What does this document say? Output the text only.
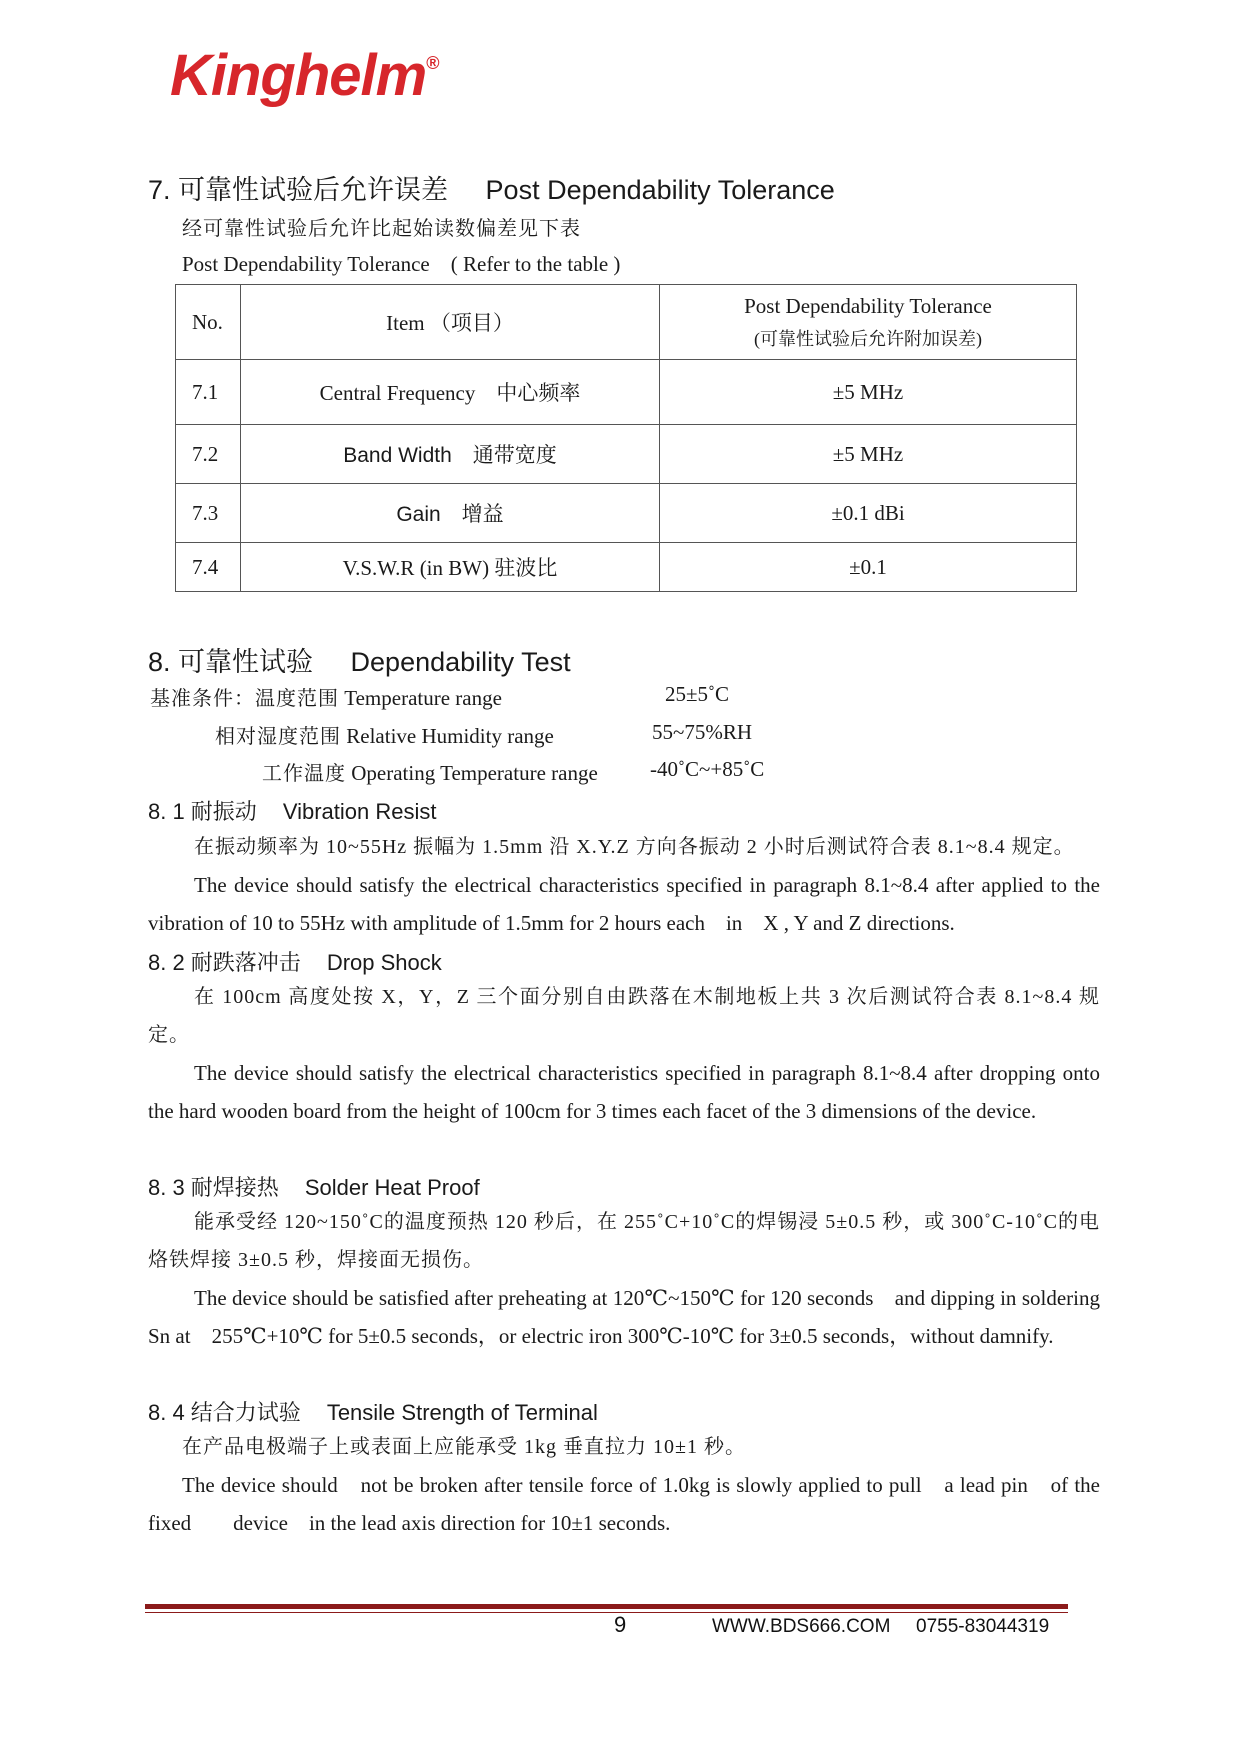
Kinghelm®
7. 可靠性试验后允许误差 Post Dependability Tolerance
经可靠性试验后允许比起始读数偏差见下表
Post Dependability Tolerance　( Refer to the table )
No.	Item （项目）	Post Dependability Tolerance
(可靠性试验后允许附加误差)

7.1	Central Frequency　中心频率	±5 MHz
7.2	Band Width　通带宽度	±5 MHz
7.3	Gain　增益	±0.1 dBi
7.4	V.S.W.R (in BW) 驻波比	±0.1
8. 可靠性试验 Dependability Test
基准条件：温度范围 Temperature range	25±5˚C
相对湿度范围 Relative Humidity range	55~75%RH
工作温度 Operating Temperature range -40˚C~+85˚C
8. 1 耐振动 Vibration Resist
在振动频率为 10~55Hz 振幅为 1.5mm 沿 X.Y.Z 方向各振动 2 小时后测试符合表 8.1~8.4 规定。
The device should satisfy the electrical characteristics specified in paragraph 8.1~8.4 after applied to the vibration of 10 to 55Hz with amplitude of 1.5mm for 2 hours each　in　X , Y and Z directions.
8. 2 耐跌落冲击 Drop Shock
在 100cm 高度处按 X，Y，Z 三个面分别自由跌落在木制地板上共 3 次后测试符合表 8.1~8.4 规定。
The device should satisfy the electrical characteristics specified in paragraph 8.1~8.4 after dropping onto the hard wooden board from the height of 100cm for 3 times each facet of the 3 dimensions of the device.
8. 3 耐焊接热 Solder Heat Proof
能承受经 120~150˚C的温度预热 120 秒后，在 255˚C+10˚C的焊锡浸 5±0.5 秒，或 300˚C-10˚C的电烙铁焊接 3±0.5 秒，焊接面无损伤。
The device should be satisfied after preheating at 120℃~150℃ for 120 seconds　and dipping in soldering Sn at　255℃+10℃ for 5±0.5 seconds，or electric iron 300℃-10℃ for 3±0.5 seconds，without damnify.
8. 4 结合力试验 Tensile Strength of Terminal
在产品电极端子上或表面上应能承受 1kg 垂直拉力 10±1 秒。
The device should　not be broken after tensile force of 1.0kg is slowly applied to pull　a lead pin　of the fixed　　device　in the lead axis direction for 10±1 seconds.
9	WWW.BDS666.COM 0755-83044319
